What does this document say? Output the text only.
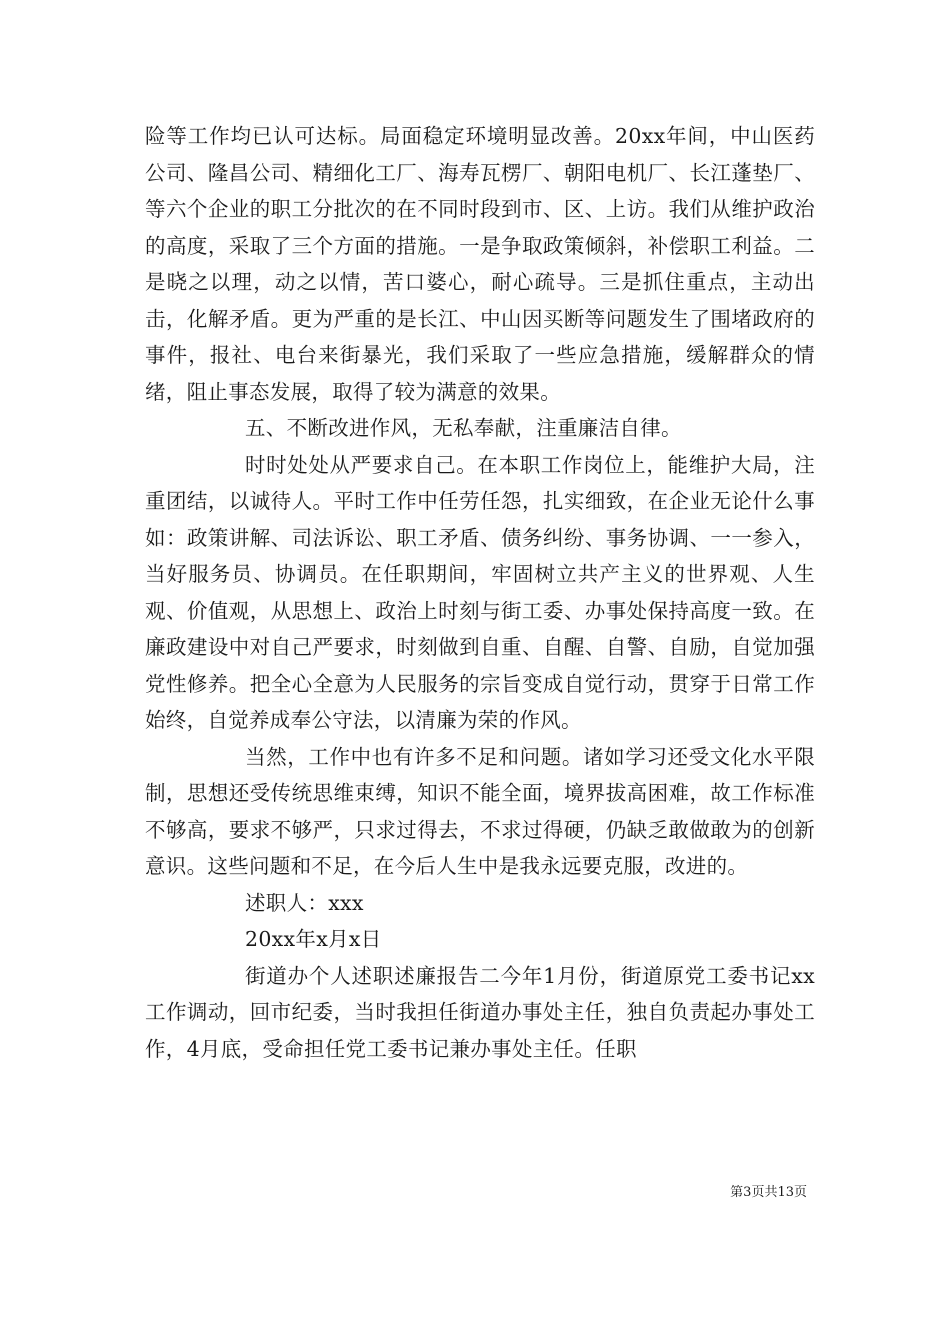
险等工作均已认可达标。局面稳定环境明显改善。20xx年间，中山医药公司、隆昌公司、精细化工厂、海寿瓦楞厂、朝阳电机厂、长江蓬垫厂、等六个企业的职工分批次的在不同时段到市、区、上访。我们从维护政治的高度，采取了三个方面的措施。一是争取政策倾斜，补偿职工利益。二是晓之以理，动之以情，苦口婆心，耐心疏导。三是抓住重点，主动出击，化解矛盾。更为严重的是长江、中山因买断等问题发生了围堵政府的事件，报社、电台来街暴光，我们采取了一些应急措施，缓解群众的情绪，阻止事态发展，取得了较为满意的效果。

五、不断改进作风，无私奉献，注重廉洁自律。

时时处处从严要求自己。在本职工作岗位上，能维护大局，注重团结，以诚待人。平时工作中任劳任怨，扎实细致，在企业无论什么事如：政策讲解、司法诉讼、职工矛盾、债务纠纷、事务协调、一一参入，当好服务员、协调员。在任职期间，牢固树立共产主义的世界观、人生观、价值观，从思想上、政治上时刻与街工委、办事处保持高度一致。在廉政建设中对自己严要求，时刻做到自重、自醒、自警、自励，自觉加强党性修养。把全心全意为人民服务的宗旨变成自觉行动，贯穿于日常工作始终，自觉养成奉公守法，以清廉为荣的作风。

当然，工作中也有许多不足和问题。诸如学习还受文化水平限制，思想还受传统思维束缚，知识不能全面，境界拔高困难，故工作标准不够高，要求不够严，只求过得去，不求过得硬，仍缺乏敢做敢为的创新意识。这些问题和不足，在今后人生中是我永远要克服，改进的。

述职人：xxx

20xx年x月x日

街道办个人述职述廉报告二今年1月份，街道原党工委书记xx工作调动，回市纪委，当时我担任街道办事处主任，独自负责起办事处工作，4月底，受命担任党工委书记兼办事处主任。任职

第3页共13页
